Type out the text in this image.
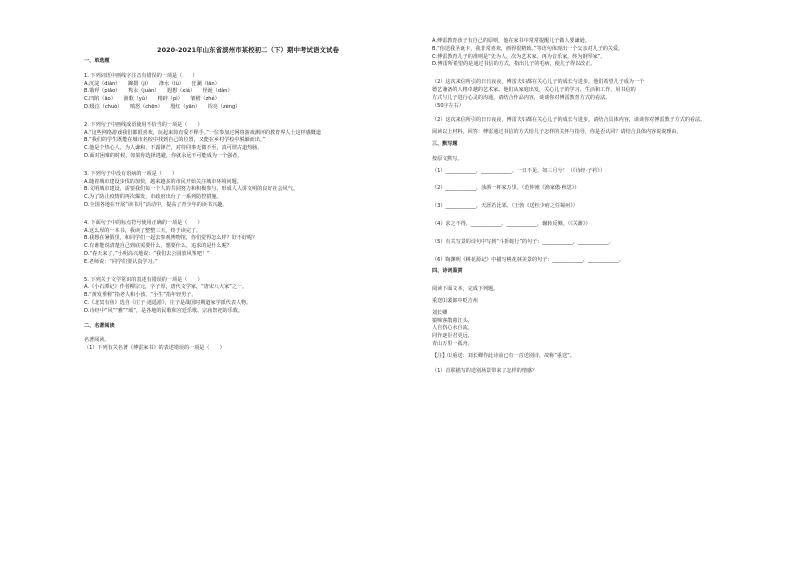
2020-2021年山东省滨州市某校初二（下）期中考试语文试卷
一、单选题
1. 下列词语中画线字注音有错误的一项是（　　）
A.沉淀（diàn）　　蹿掇（jí）　　涤水（lù）　　狂澜（lán）
B.饿殍（piǎo）　　隽永（juàn）　　遐想（xiá）　　怪诞（dàn）
C.凹陷（āo）　　渔歌（yú）　　精辟（pì）　　皱褶（zhé）
D.啜泣（chuò）　　嗔怒（chēn）　　殷红（yān）　　锃亮（zèng）
2. 下列句子中画线成语使用不恰当的一项是（　　）
A.“这些网络游戏我们都很喜欢，玩起来简直爱不释手。”一位参加过网络游戏测评的教育界人士这样感慨道
B.“我们的学生既能在城市名校中找到自己的位置，又能在乡村学校中脱颖而出。”
C.他是个热心人，为人谦和，不露锋芒，对待同事无微不至，真可谓古道热肠。
D.面对困难的时候，如果你选择逃避，你就永远不可能成为一个强者。
3. 下列句子中没有语病的一项是（　　）
A.随着城市建设步伐的加快，越来越多的市民开始关注城市环境问题。
B.文明城市建设，需要我们每一个人的共同努力和积极参与，形成人人讲文明的良好社会风气。
C.为了防止疫情的再次爆发，市政府出台了一系列防控措施。
D.全国各地在开展“读书月”活动中，提高了青少年的读书兴趣。
4. 下面句子中的标点符号使用正确的一项是（　　）
A.这么厚的一本书，我读了整整三天，终于读完了。
B.我想在暑假里，和同学们一起去参观博物馆，你们觉得怎么样？好不好呢？
C.有谁能说清楚自己到底需要什么，想要什么，追求的是什么呢？
D.“春天来了，”小明高兴地说：“我们去公园放风筝吧！”
E.老师说：“同学们要认真学习。”
5. 下列关于文学常识的表述有错误的一项是（　　）
A.《小石潭记》作者柳宗元，字子厚，唐代文学家，“唐宋八大家”之一。
B.“黄发垂髫”指老人和小孩。“小生”指年轻男子。
C.《北冥有鱼》选自《庄子·逍遥游》，庄子是战国时期道家学派代表人物。
D.诗经中“风”“雅”“颂”，是各地的民歌和宫廷乐歌、宗庙祭祀的乐歌。
二、名著阅读
名著阅读。
（1）下列有关名著《傅雷家书》的表述错误的一项是（　　）
A.傅雷教育孩子有自己的原则，他在家书中常常提醒儿子做人要谦逊。
B.“你送我圣诞卡，我非常喜欢，画得很精致。”等语句体现出一个父亲对儿子的关爱。
C.傅雷教育儿子的准则是“先为人，次为艺术家，再为音乐家，终为钢琴家”。
D.傅雷所希望的是通过书信的方式，指出儿子的毛病，使儿子得以改正。
（2）这次来信所引的日日夜夜，傅雷夫妇都在关心儿子的成长与进步。他们希望儿子成为一个
德艺兼备的人格卓越的艺术家。他们从家庭出发，关心儿子的学习、生活和工作，用书信的
方式与儿子进行心灵的沟通。请结合作品内容，谈谈你对傅雷教育方式的看法。
（50字左右）
（2）这次来信所引的日日夜夜，傅雷夫妇都在关心儿子的成长与进步。请结合具体内容，谈谈你对傅雷教子方式的看法。
阅读以上材料，回答：傅雷通过书信的方式给儿子怎样的关怀与指导，你是否认同？请结合具体内容说说理由。
三、默写题
按原文默写。
（1）____________，____________。一日不见，如三月兮！（《诗经·子衿》）
（2）____________，浊酒一杯家万里。（范仲淹《渔家傲·秋思》）
（3）____________，天涯若比邻。（王勃《送杜少府之任蜀州》）
（4）求之不得，____________。____________，辗转反侧。（《关雎》）
（5）有关写景的诗句中写到“斗折蛇行”的句子：____________，____________。
（6）陶渊明《桃花源记》中描写桃花林美景的句子：____________，____________。
四、诗词鉴赏
阅读下面文本，完成下列题。
重送⑴裴郎中贬吉州
刘长卿
猿啼客散暮江头，
人自伤心水自流。
同作逐臣君更远，
青山万里一孤舟。
【注】⑴重送：刘长卿作此诗前已有一首送别诗，故称“重送”。
（1）首联描写的送别场景带来了怎样的情感？
